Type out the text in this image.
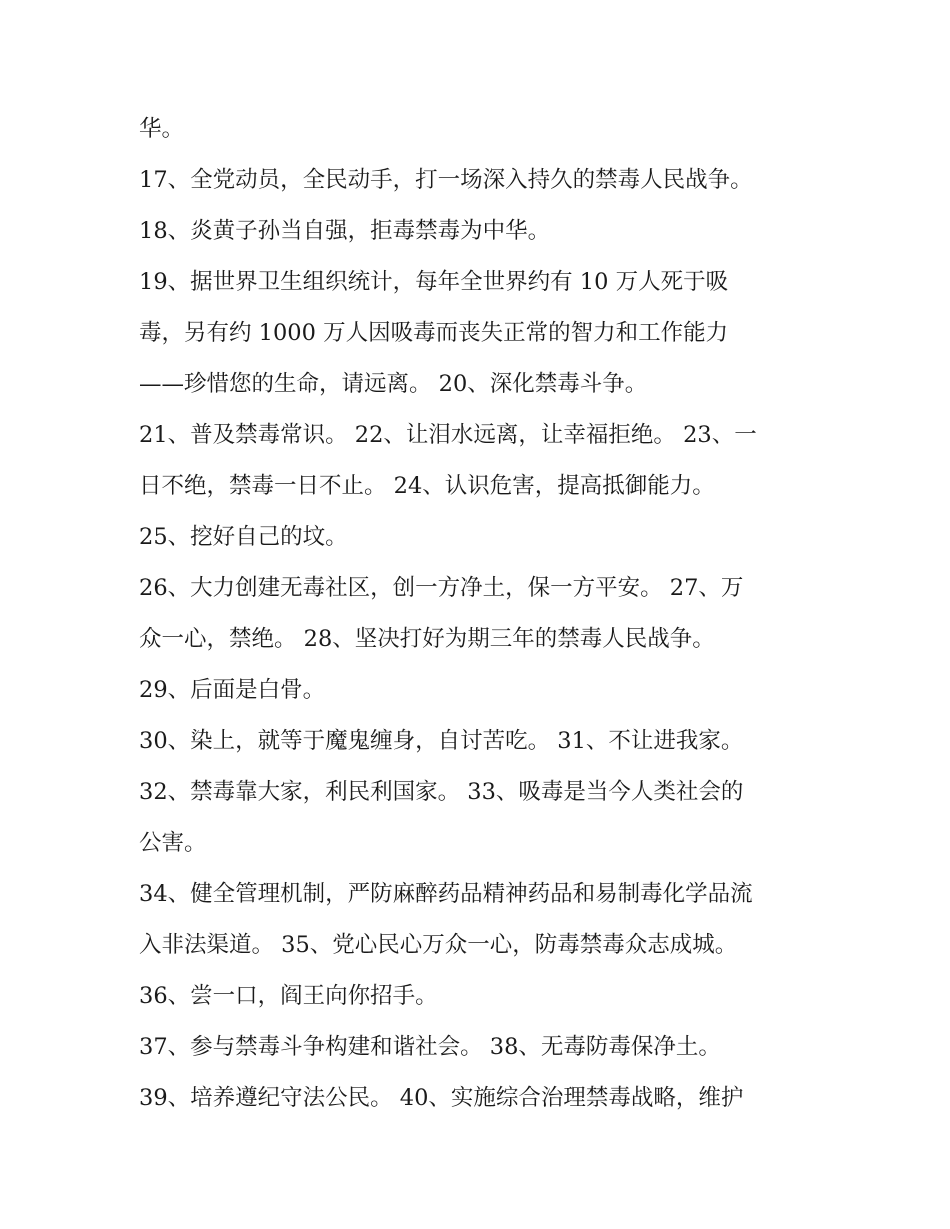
华。
17、全党动员，全民动手，打一场深入持久的禁毒人民战争。
18、炎黄子孙当自强，拒毒禁毒为中华。
19、据世界卫生组织统计，每年全世界约有 10 万人死于吸
毒，另有约 1000 万人因吸毒而丧失正常的智力和工作能力
——珍惜您的生命，请远离。 20、深化禁毒斗争。
21、普及禁毒常识。 22、让泪水远离，让幸福拒绝。 23、一
日不绝，禁毒一日不止。 24、认识危害，提高抵御能力。
25、挖好自己的坟。
26、大力创建无毒社区，创一方净土，保一方平安。 27、万
众一心，禁绝。 28、坚决打好为期三年的禁毒人民战争。
29、后面是白骨。
30、染上，就等于魔鬼缠身，自讨苦吃。 31、不让进我家。
32、禁毒靠大家，利民利国家。 33、吸毒是当今人类社会的
公害。
34、健全管理机制，严防麻醉药品精神药品和易制毒化学品流
入非法渠道。 35、党心民心万众一心，防毒禁毒众志成城。
36、尝一口，阎王向你招手。
37、参与禁毒斗争构建和谐社会。 38、无毒防毒保净土。
39、培养遵纪守法公民。 40、实施综合治理禁毒战略，维护
